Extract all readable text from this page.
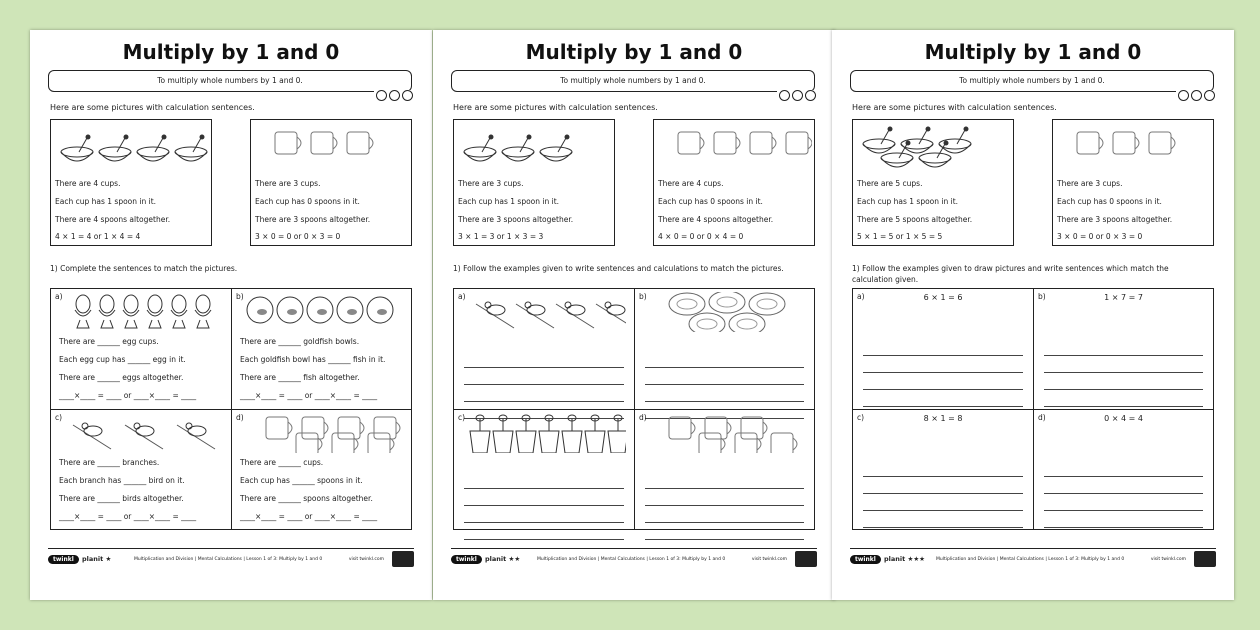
Multiply by 1 and 0
To multiply whole numbers by 1 and 0.
Here are some pictures with calculation sentences.
There are 4 cups.
Each cup has 1 spoon in it.
There are 4 spoons altogether.
4 × 1 = 4 or 1 × 4 = 4
There are 3 cups.
Each cup has 0 spoons in it.
There are 3 spoons altogether.
3 × 0 = 0 or 0 × 3 = 0
1) Complete the sentences to match the pictures.
a)
There are ______ egg cups.
Each egg cup has ______ egg in it.
There are ______ eggs altogether.
____×____ = ____ or ____×____ = ____
b)
There are ______ goldfish bowls.
Each goldfish bowl has ______ fish in it.
There are ______ fish altogether.
____×____ = ____ or ____×____ = ____
c)
There are ______ branches.
Each branch has ______ bird on it.
There are ______ birds altogether.
____×____ = ____ or ____×____ = ____
d)
There are ______ cups.
Each cup has ______ spoons in it.
There are ______ spoons altogether.
____×____ = ____ or ____×____ = ____
twinkl	planit ★	Multiplication and Division | Mental Calculations | Lesson 1 of 3: Multiply by 1 and 0	visit twinkl.com
Multiply by 1 and 0
To multiply whole numbers by 1 and 0.
Here are some pictures with calculation sentences.
There are 3 cups.
Each cup has 1 spoon in it.
There are 3 spoons altogether.
3 × 1 = 3 or 1 × 3 = 3
There are 4 cups.
Each cup has 0 spoons in it.
There are 4 spoons altogether.
4 × 0 = 0 or 0 × 4 = 0
1) Follow the examples given to write sentences and calculations to match the pictures.
a)	b)
c)	d)
twinkl	planit ★★	Multiplication and Division | Mental Calculations | Lesson 1 of 3: Multiply by 1 and 0	visit twinkl.com
Multiply by 1 and 0
To multiply whole numbers by 1 and 0.
Here are some pictures with calculation sentences.
There are 5 cups.
Each cup has 1 spoon in it.
There are 5 spoons altogether.
5 × 1 = 5 or 1 × 5 = 5
There are 3 cups.
Each cup has 0 spoons in it.
There are 3 spoons altogether.
3 × 0 = 0 or 0 × 3 = 0
1) Follow the examples given to draw pictures and write sentences which match the calculation given.
a)	6 × 1 = 6	b)	1 × 7 = 7
c)	8 × 1 = 8	d)	0 × 4 = 4
twinkl	planit ★★★ Multiplication and Division | Mental Calculations | Lesson 1 of 3: Multiply by 1 and 0	visit twinkl.com
